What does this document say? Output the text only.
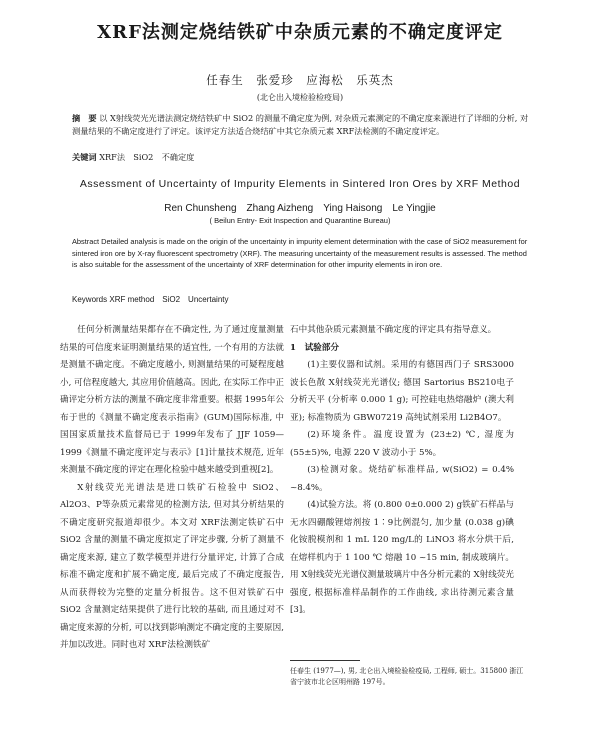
XRF法测定烧结铁矿中杂质元素的不确定度评定
任春生　张爱珍　应海松　乐英杰
(北仑出入境检验检疫局)
摘　要 以 X射线荧光光谱法测定烧结铁矿中 SiO2 的测量不确定度为例, 对杂质元素测定的不确定度来源进行了详细的分析, 对测量结果的不确定度进行了评定。该评定方法适合烧结矿中其它杂质元素 XRF法检测的不确定度评定。
关键词 XRF法　SiO2　不确定度
Assessment of Uncertainty of Impurity Elements in Sintered Iron Ores by XRF Method
Ren Chunsheng　Zhang Aizheng　Ying Haisong　Le Yingjie
( Beilun Entry- Exit Inspection and Quarantine Bureau)
Abstract Detailed analysis is made on the origin of the uncertainty in impurity element determination with the case of SiO2 measurement for sintered iron ore by X-ray fluorescent spectrometry (XRF). The measuring uncertainty of the measurement results is assessed. The method is also suitable for the assessment of the uncertainty of XRF determination for other impurity elements in iron ore.
Keywords XRF method　SiO2　Uncertainty

任何分析测量结果都存在不确定性, 为了通过度量测量结果的可信度来证明测量结果的适宜性, 一个有用的方法就是测量不确定度。不确定度越小, 则测量结果的可疑程度越小, 可信程度越大, 其应用价值越高。因此, 在实际工作中正确评定分析方法的测量不确定度非常重要。根据 1995年公布于世的《测量不确定度表示指南》(GUM)国际标准, 中国国家质量技术监督局已于 1999年发布了 JJF 1059—1999《测量不确定度评定与表示》[1]计量技术规范, 近年来测量不确定度的评定在理化检验中越来越受到重视[2]。

X射线荧光光谱法是进口铁矿石检验中 SiO2、Al2O3、P等杂质元素常见的检测方法, 但对其分析结果的不确定度研究报道却很少。本文对 XRF法测定铁矿石中 SiO2 含量的测量不确定度拟定了评定步骤, 分析了测量不确定度来源, 建立了数学模型并进行分量评定, 计算了合成标准不确定度和扩展不确定度, 最后完成了不确定度报告, 从而获得较为完整的定量分析报告。这不但对铁矿石中 SiO2 含量测定结果提供了进行比较的基础, 而且通过对不确定度来源的分析, 可以找到影响测定不确定度的主要原因, 并加以改进。同时也对 XRF法检测铁矿

石中其他杂质元素测量不确定度的评定具有指导意义。

1　试验部分

(1)主要仪器和试剂。采用的有德国西门子 SRS3000波长色散 X射线荧光光谱仪; 德国 Sartorius BS210电子分析天平 (分析率 0.000 1 g); 可控硅电热熔融炉 (澳大利亚); 标准物质为 GBW07219 高纯试剂采用 Li2B4O7。

(2)环境条件。温度设置为 (23±2) ℃, 湿度为 (55±5)%, 电源 220 V 波动小于 5%。

(3)检测对象。烧结矿标准样品, w(SiO2) = 0.4% ~8.4%。

(4)试验方法。将 (0.800 0±0.000 2) g铁矿石样品与无水四硼酸锂熔剂按 1∶9比例混匀, 加少量 (0.038 g)碘化铵脱模剂和 1 mL 120 mg/L的 LiNO3 将水分烘干后, 在熔样机内于 1 100 ℃ 熔融 10 ~15 min, 制成玻璃片。用 X射线荧光光谱仪测量玻璃片中各分析元素的 X射线荧光强度, 根据标准样品制作的工作曲线, 求出待测元素含量[3]。

任春生 (1977—), 男, 北仑出入境检验检疫局, 工程师, 硕士。315800 浙江省宁波市北仑区明州路 197号。
